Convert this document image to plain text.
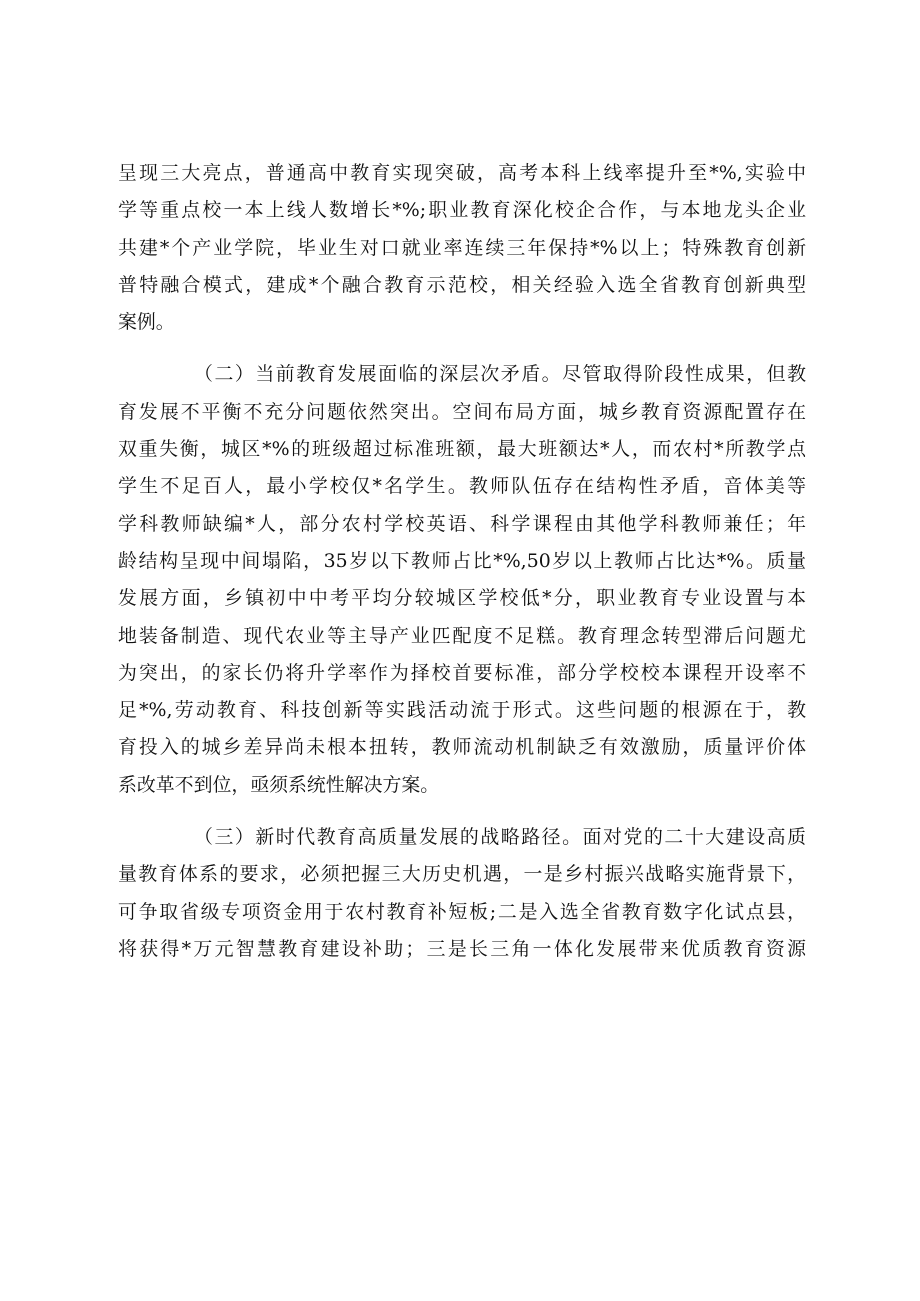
呈现三大亮点，普通高中教育实现突破，高考本科上线率提升至*%,实验中
学等重点校一本上线人数增长*%;职业教育深化校企合作，与本地龙头企业
共建*个产业学院，毕业生对口就业率连续三年保持*%以上；特殊教育创新
普特融合模式，建成*个融合教育示范校，相关经验入选全省教育创新典型
案例。
（二）当前教育发展面临的深层次矛盾。尽管取得阶段性成果，但教
育发展不平衡不充分问题依然突出。空间布局方面，城乡教育资源配置存在
双重失衡，城区*%的班级超过标准班额，最大班额达*人，而农村*所教学点
学生不足百人，最小学校仅*名学生。教师队伍存在结构性矛盾，音体美等
学科教师缺编*人，部分农村学校英语、科学课程由其他学科教师兼任；年
龄结构呈现中间塌陷，35岁以下教师占比*%,50岁以上教师占比达*%。质量
发展方面，乡镇初中中考平均分较城区学校低*分，职业教育专业设置与本
地装备制造、现代农业等主导产业匹配度不足糕。教育理念转型滞后问题尤
为突出，的家长仍将升学率作为择校首要标准，部分学校校本课程开设率不
足*%,劳动教育、科技创新等实践活动流于形式。这些问题的根源在于，教
育投入的城乡差异尚未根本扭转，教师流动机制缺乏有效激励，质量评价体
系改革不到位，亟须系统性解决方案。
（三）新时代教育高质量发展的战略路径。面对党的二十大建设高质
量教育体系的要求，必须把握三大历史机遇，一是乡村振兴战略实施背景下，
可争取省级专项资金用于农村教育补短板;二是入选全省教育数字化试点县，
将获得*万元智慧教育建设补助；三是长三角一体化发展带来优质教育资源
